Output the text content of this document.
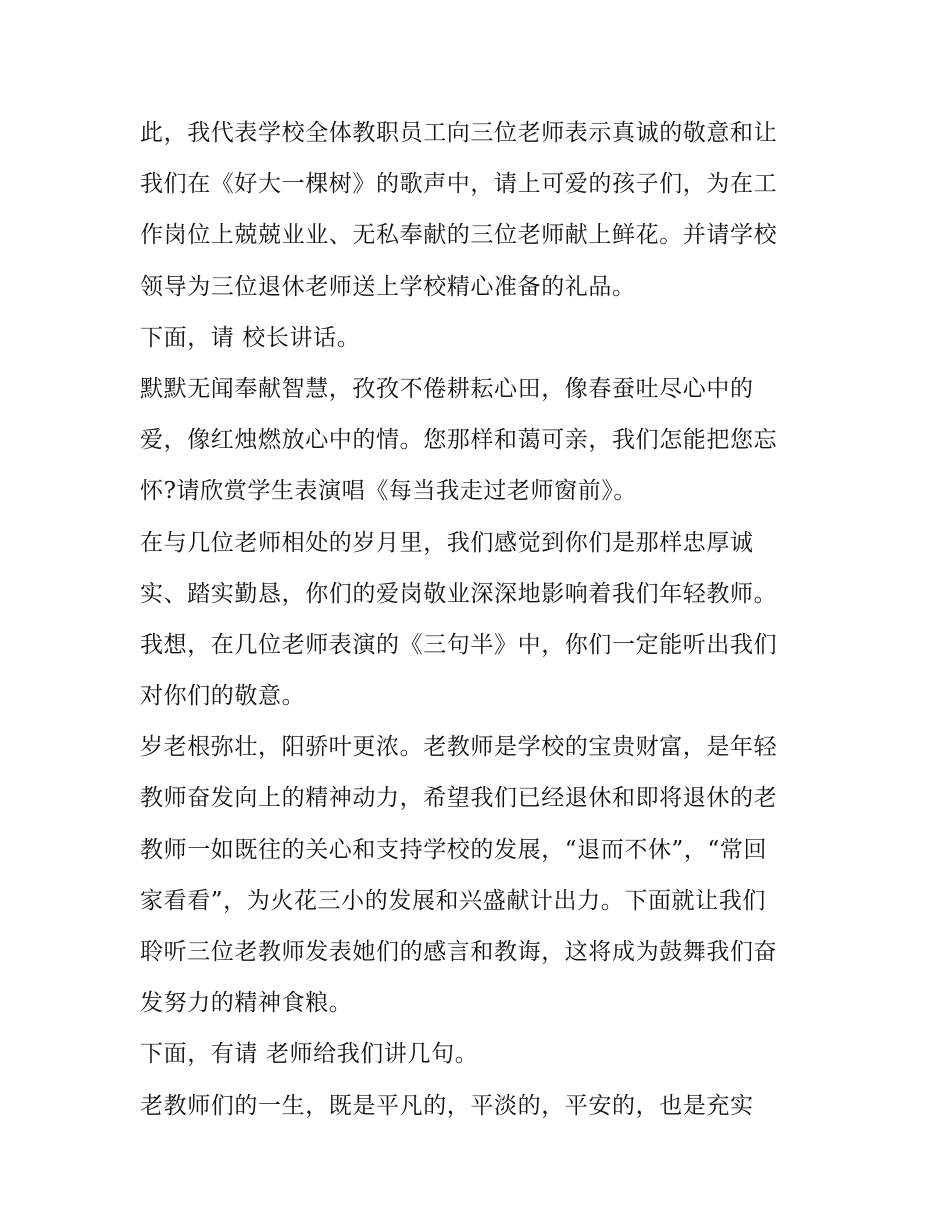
此，我代表学校全体教职员工向三位老师表示真诚的敬意和让
我们在《好大一棵树》的歌声中，请上可爱的孩子们，为在工
作岗位上兢兢业业、无私奉献的三位老师献上鲜花。并请学校
领导为三位退休老师送上学校精心准备的礼品。
下面，请 校长讲话。
默默无闻奉献智慧，孜孜不倦耕耘心田，像春蚕吐尽心中的
爱，像红烛燃放心中的情。您那样和蔼可亲，我们怎能把您忘
怀?请欣赏学生表演唱《每当我走过老师窗前》。
在与几位老师相处的岁月里，我们感觉到你们是那样忠厚诚
实、踏实勤恳，你们的爱岗敬业深深地影响着我们年轻教师。
我想，在几位老师表演的《三句半》中，你们一定能听出我们
对你们的敬意。
岁老根弥壮，阳骄叶更浓。老教师是学校的宝贵财富，是年轻
教师奋发向上的精神动力，希望我们已经退休和即将退休的老
教师一如既往的关心和支持学校的发展，“退而不休”，“常回
家看看”，为火花三小的发展和兴盛献计出力。下面就让我们
聆听三位老教师发表她们的感言和教诲，这将成为鼓舞我们奋
发努力的精神食粮。
下面，有请 老师给我们讲几句。
老教师们的一生，既是平凡的，平淡的，平安的，也是充实
